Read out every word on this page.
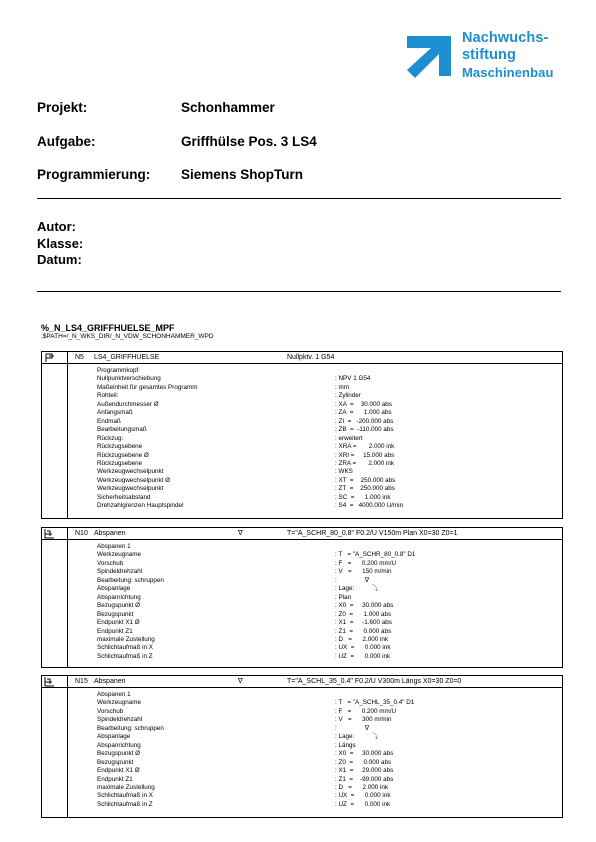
Nachwuchs-
stiftung
Maschinenbau
Projekt:	Schonhammer
Aufgabe:	Griffhülse Pos. 3 LS4
Programmierung: Siemens ShopTurn
Autor:
Klasse:
Datum:
%_N_LS4_GRIFFHUELSE_MPF
;$PATH=/_N_WKS_DIR/_N_VDW_SCHONHAMMER_WPD
N5 LS4_GRIFFHUELSE	Nullpktv. 1 G54
Programmkopf
Nullpunktverschiebung	: NPV 1 G54
Maßeinheit für gesamtes Programm	: mm
Rohteil:	: Zylinder
Außendurchmesser Ø	: XA  =    30.000 abs
Anfangsmaß	: ZA  =      1.000 abs
Endmaß	: ZI  =   -200.000 abs
Bearbeitungsmaß	: ZB  =  -110.000 abs
Rückzug:	: erweitert
Rückzugsebene	: XRA =       2.000 ink
Rückzugsebene Ø	: XRI =     15.000 abs
Rückzugsebene	: ZRA =       2.000 ink
Werkzeugwechselpunkt	: WKS
Werkzeugwechselpunkt Ø	: XT  =    250.000 abs
Werkzeugwechselpunkt	: ZT  =    250.000 abs
Sicherheitsabstand	: SC  =      1.000 ink
Drehzahlgrenzen Hauptspindel	: S4  =   4000.000 U/min
N10 Abspanen	∇	T="A_SCHR_80_0.8" F0.2/U V150m Plan X0=30 Z0=1
Abspanen 1
Werkzeugname	: T   = "A_SCHR_80_0.8" D1
Vorschub	: F   =      0.200 mm/U
Spindeldrehzahl	: V   =      150 m/min
Bearbeitung: schruppen	:                ∇
Abspanlage	: Lage:          ⤵
Abspanrichtung	: Plan
Bezugspunkt Ø	: X0  =     30.000 abs
Bezugspunkt	: Z0  =      1.000 abs
Endpunkt X1 Ø	: X1  =     -1.600 abs
Endpunkt Z1	: Z1  =      0.000 abs
maximale Zustellung	: D   =      2.000 ink
Schlichtaufmaß in X	: UX  =      0.000 ink
Schlichtaufmaß in Z	: UZ  =      0.000 ink
N15 Abspanen	∇	T="A_SCHL_35_0.4" F0.2/U V300m Längs X0=30 Z0=0
Abspanen 1
Werkzeugname	: T   = "A_SCHL_35_0.4" D1
Vorschub	: F   =      0.200 mm/U
Spindeldrehzahl	: V   =      300 m/min
Bearbeitung: schruppen	:                ∇
Abspanlage	: Lage:          ⤵
Abspanrichtung	: Längs
Bezugspunkt Ø	: X0  =     30.000 abs
Bezugspunkt	: Z0  =      0.000 abs
Endpunkt X1 Ø	: X1  =     29.000 abs
Endpunkt Z1	: Z1  =    -99.000 abs
maximale Zustellung	: D   =      2.000 ink
Schlichtaufmaß in X	: UX  =      0.000 ink
Schlichtaufmaß in Z	: UZ  =      0.000 ink
